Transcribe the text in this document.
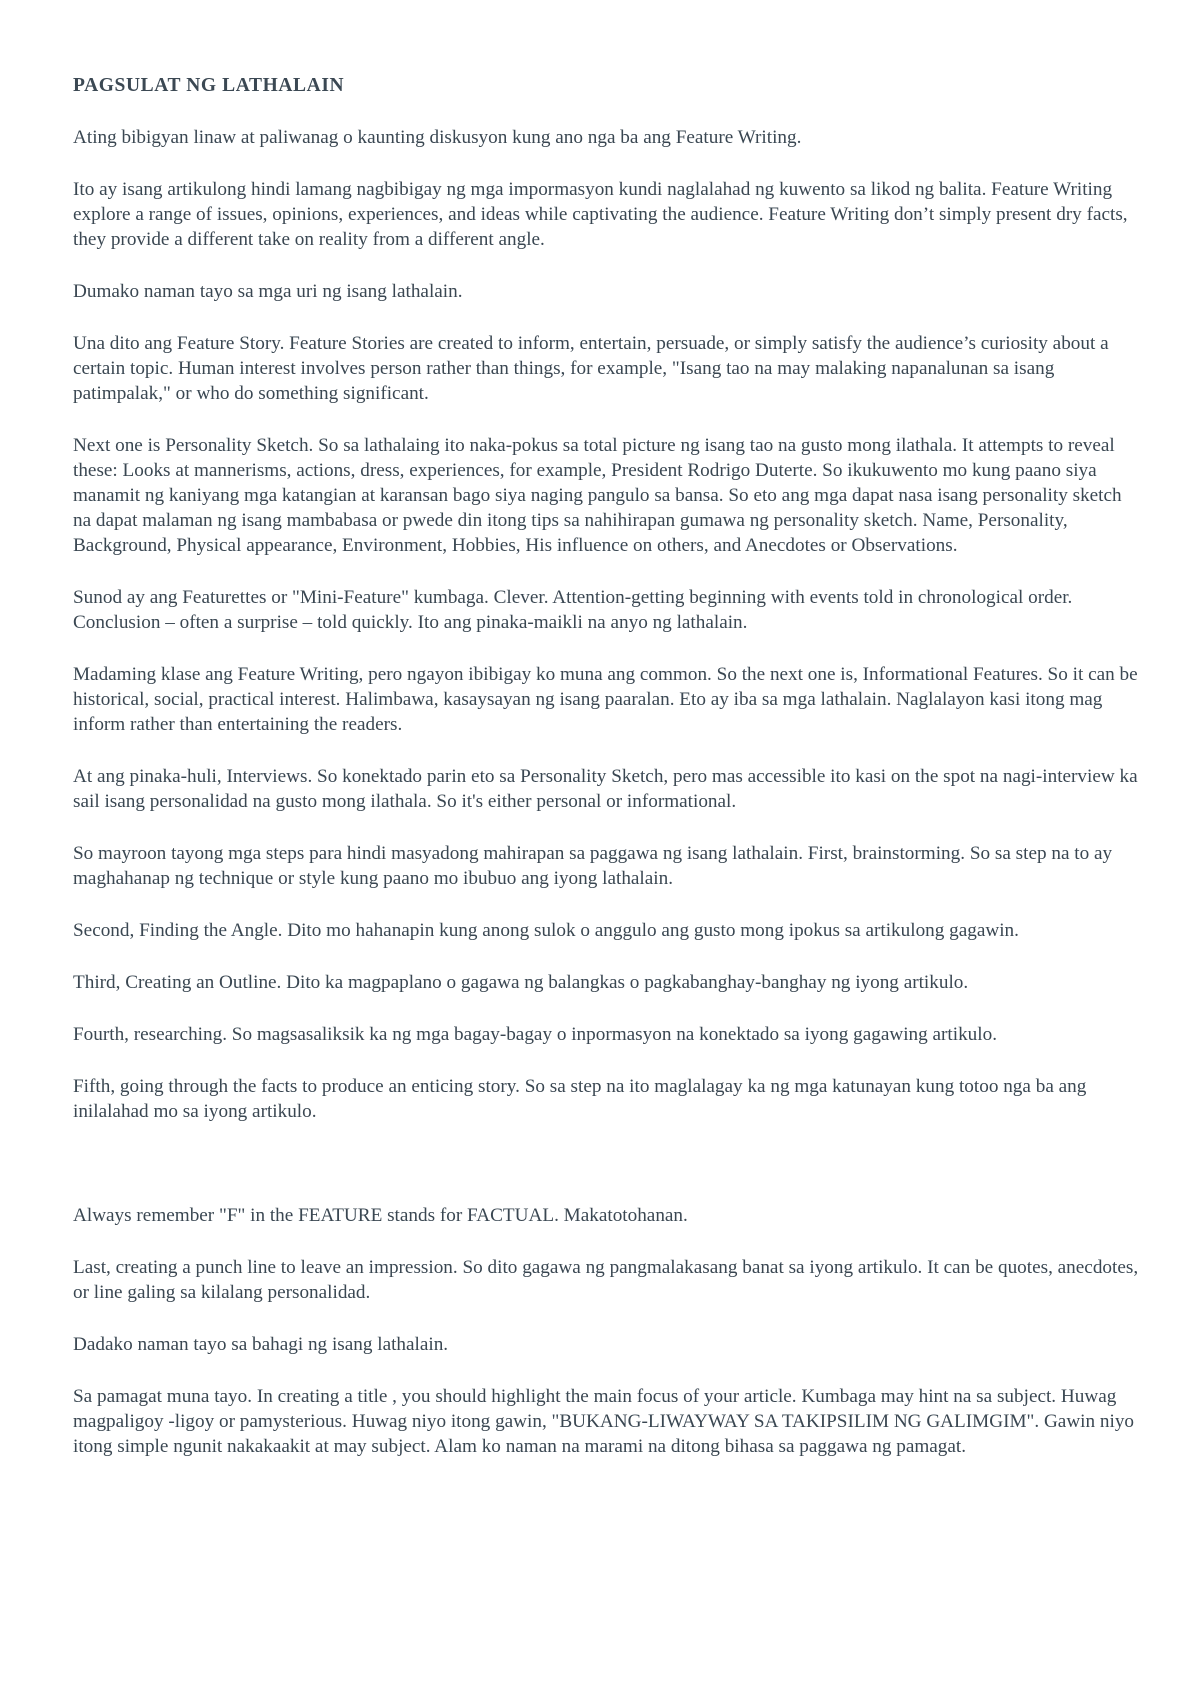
PAGSULAT NG LATHALAIN

Ating bibigyan linaw at paliwanag o kaunting diskusyon kung ano nga ba ang Feature Writing.

Ito ay isang artikulong hindi lamang nagbibigay ng mga impormasyon kundi naglalahad ng kuwento sa likod ng balita. Feature Writing explore a range of issues, opinions, experiences, and ideas while captivating the audience. Feature Writing don’t simply present dry facts, they provide a different take on reality from a different angle.

Dumako naman tayo sa mga uri ng isang lathalain.

Una dito ang Feature Story. Feature Stories are created to inform, entertain, persuade, or simply satisfy the audience’s curiosity about a certain topic. Human interest involves person rather than things, for example, "Isang tao na may malaking napanalunan sa isang patimpalak," or who do something significant.

Next one is Personality Sketch. So sa lathalaing ito naka-pokus sa total picture ng isang tao na gusto mong ilathala. It attempts to reveal these: Looks at mannerisms, actions, dress, experiences, for example, President Rodrigo Duterte. So ikukuwento mo kung paano siya manamit ng kaniyang mga katangian at karansan bago siya naging pangulo sa bansa. So eto ang mga dapat nasa isang personality sketch na dapat malaman ng isang mambabasa or pwede din itong tips sa nahihirapan gumawa ng personality sketch. Name, Personality, Background, Physical appearance, Environment, Hobbies, His influence on others, and Anecdotes or Observations.

Sunod ay ang Featurettes or "Mini-Feature" kumbaga. Clever. Attention-getting beginning with events told in chronological order. Conclusion – often a surprise – told quickly. Ito ang pinaka-maikli na anyo ng lathalain.

Madaming klase ang Feature Writing, pero ngayon ibibigay ko muna ang common. So the next one is, Informational Features. So it can be historical, social, practical interest. Halimbawa, kasaysayan ng isang paaralan. Eto ay iba sa mga lathalain. Naglalayon kasi itong mag inform rather than entertaining the readers.

At ang pinaka-huli, Interviews. So konektado parin eto sa Personality Sketch, pero mas accessible ito kasi on the spot na nagi-interview ka sail isang personalidad na gusto mong ilathala. So it's either personal or informational.

So mayroon tayong mga steps para hindi masyadong mahirapan sa paggawa ng isang lathalain. First, brainstorming. So sa step na to ay maghahanap ng technique or style kung paano mo ibubuo ang iyong lathalain.

Second, Finding the Angle. Dito mo hahanapin kung anong sulok o anggulo ang gusto mong ipokus sa artikulong gagawin.

Third, Creating an Outline. Dito ka magpaplano o gagawa ng balangkas o pagkabanghay-banghay ng iyong artikulo.

Fourth, researching. So magsasaliksik ka ng mga bagay-bagay o inpormasyon na konektado sa iyong gagawing artikulo.

Fifth, going through the facts to produce an enticing story. So sa step na ito maglalagay ka ng mga katunayan kung totoo nga ba ang inilalahad mo sa iyong artikulo.

Always remember "F" in the FEATURE stands for FACTUAL. Makatotohanan.

Last, creating a punch line to leave an impression. So dito gagawa ng pangmalakasang banat sa iyong artikulo. It can be quotes, anecdotes, or line galing sa kilalang personalidad.

Dadako naman tayo sa bahagi ng isang lathalain.

Sa pamagat muna tayo. In creating a title , you should highlight the main focus of your article. Kumbaga may hint na sa subject. Huwag magpaligoy -ligoy or pamysterious. Huwag niyo itong gawin, "BUKANG-LIWAYWAY SA TAKIPSILIM NG GALIMGIM". Gawin niyo itong simple ngunit nakakaakit at may subject. Alam ko naman na marami na ditong bihasa sa paggawa ng pamagat.
